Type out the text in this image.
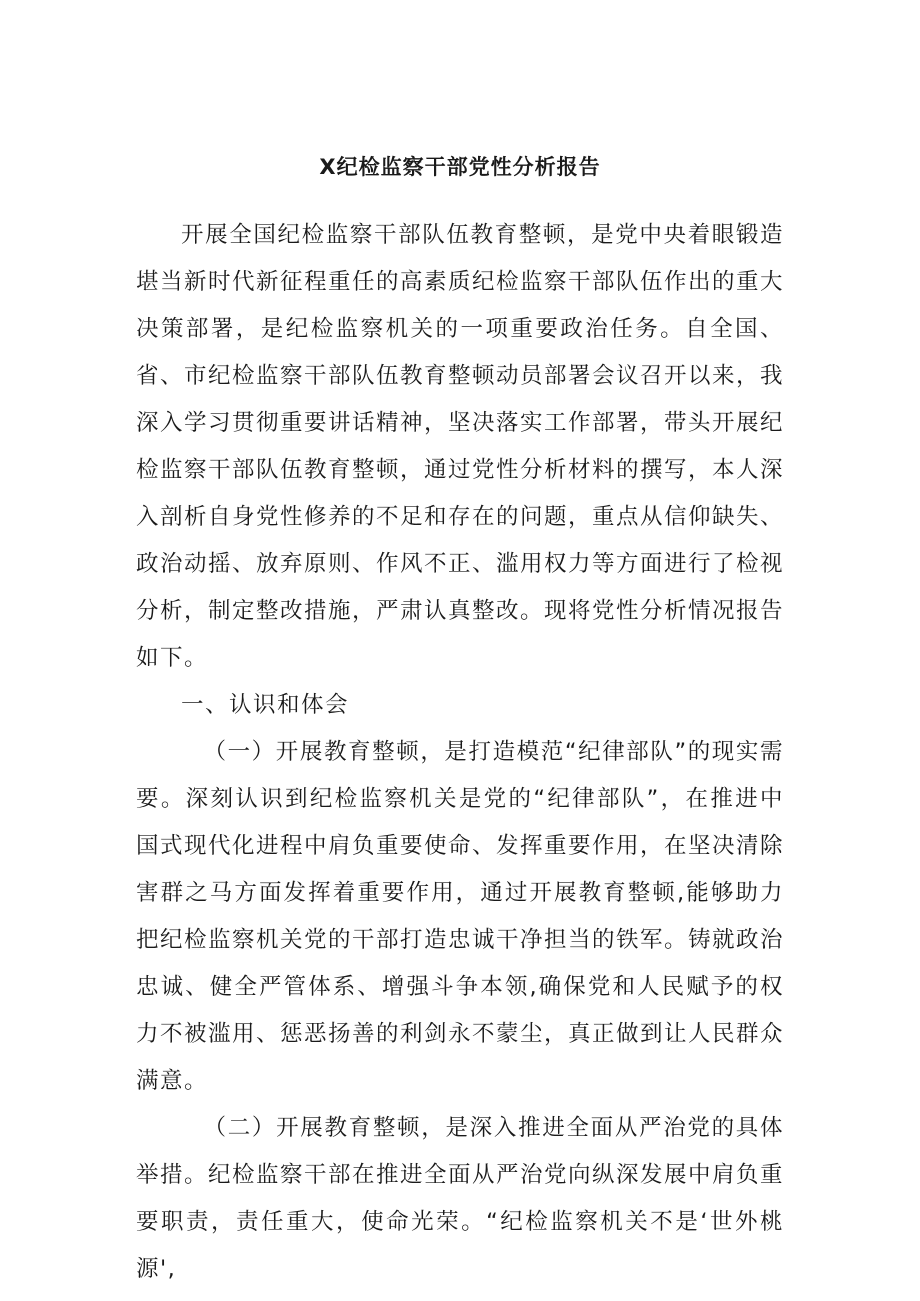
X纪检监察干部党性分析报告

开展全国纪检监察干部队伍教育整顿，是党中央着眼锻造堪当新时代新征程重任的高素质纪检监察干部队伍作出的重大决策部署，是纪检监察机关的一项重要政治任务。自全国、省、市纪检监察干部队伍教育整顿动员部署会议召开以来，我深入学习贯彻重要讲话精神，坚决落实工作部署，带头开展纪检监察干部队伍教育整顿，通过党性分析材料的撰写，本人深入剖析自身党性修养的不足和存在的问题，重点从信仰缺失、政治动摇、放弃原则、作风不正、滥用权力等方面进行了检视分析，制定整改措施，严肃认真整改。现将党性分析情况报告如下。

一、认识和体会

（一）开展教育整顿，是打造模范“纪律部队”的现实需要。深刻认识到纪检监察机关是党的“纪律部队”，在推进中国式现代化进程中肩负重要使命、发挥重要作用，在坚决清除害群之马方面发挥着重要作用，通过开展教育整顿,能够助力把纪检监察机关党的干部打造忠诚干净担当的铁军。铸就政治忠诚、健全严管体系、增强斗争本领,确保党和人民赋予的权力不被滥用、惩恶扬善的利剑永不蒙尘，真正做到让人民群众满意。

（二）开展教育整顿，是深入推进全面从严治党的具体举措。纪检监察干部在推进全面从严治党向纵深发展中肩负重要职责，责任重大，使命光荣。“纪检监察机关不是‘世外桃源',
